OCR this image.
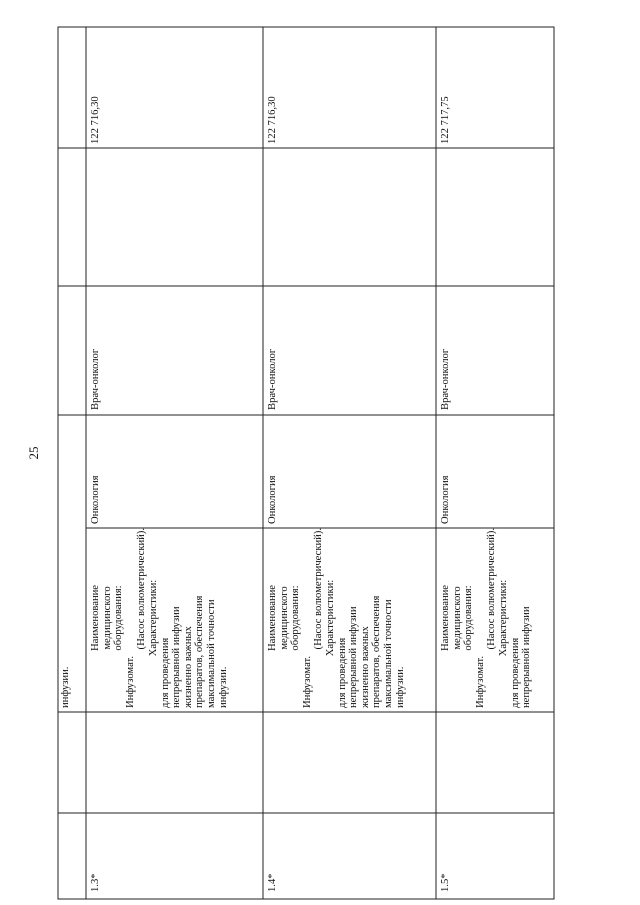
25
инфузии.
1.3*
Наименование медицинского оборудования:
Инфузомат.
(Насос волюметрический). Характеристики:
для проведения непрерывной инфузии жизненно важных препаратов, обеспечения максимальной точности инфузии.
Онкология
Врач-онколог
122 716,30
1.4*
Наименование медицинского оборудования:
Инфузомат.
(Насос волюметрический). Характеристики:
для проведения непрерывной инфузии жизненно важных препаратов, обеспечения максимальной точности инфузии.
Онкология
Врач-онколог
122 716,30
1.5*
Наименование медицинского оборудования:
Инфузомат.
(Насос волюметрический). Характеристики:
для проведения непрерывной инфузии
Онкология
Врач-онколог
122 717,75
